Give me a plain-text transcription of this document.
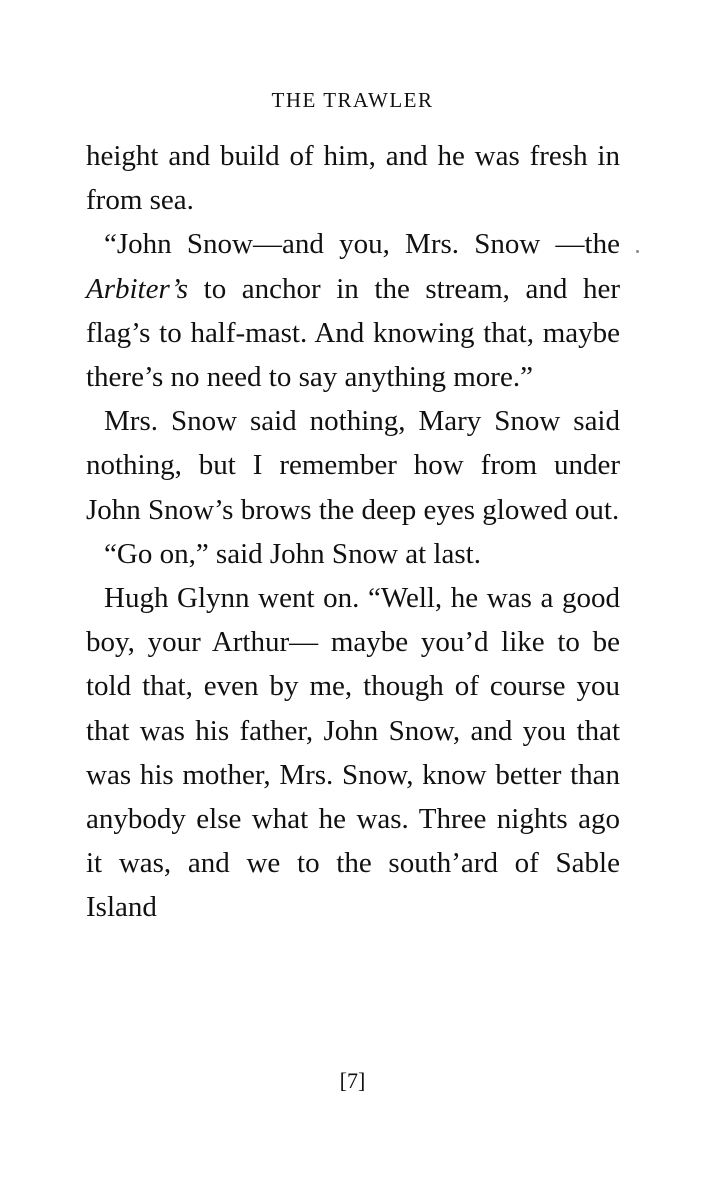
THE TRAWLER

height and build of him, and he was fresh in from sea.

“John Snow—and you, Mrs. Snow —the Arbiter’s to anchor in the stream, and her flag’s to half-mast. And knowing that, maybe there’s no need to say anything more.”

Mrs. Snow said nothing, Mary Snow said nothing, but I remember how from under John Snow’s brows the deep eyes glowed out.

“Go on,” said John Snow at last.

Hugh Glynn went on. “Well, he was a good boy, your Arthur— maybe you’d like to be told that, even by me, though of course you that was his father, John Snow, and you that was his mother, Mrs. Snow, know better than anybody else what he was. Three nights ago it was, and we to the south’ard of Sable Island

[7]
